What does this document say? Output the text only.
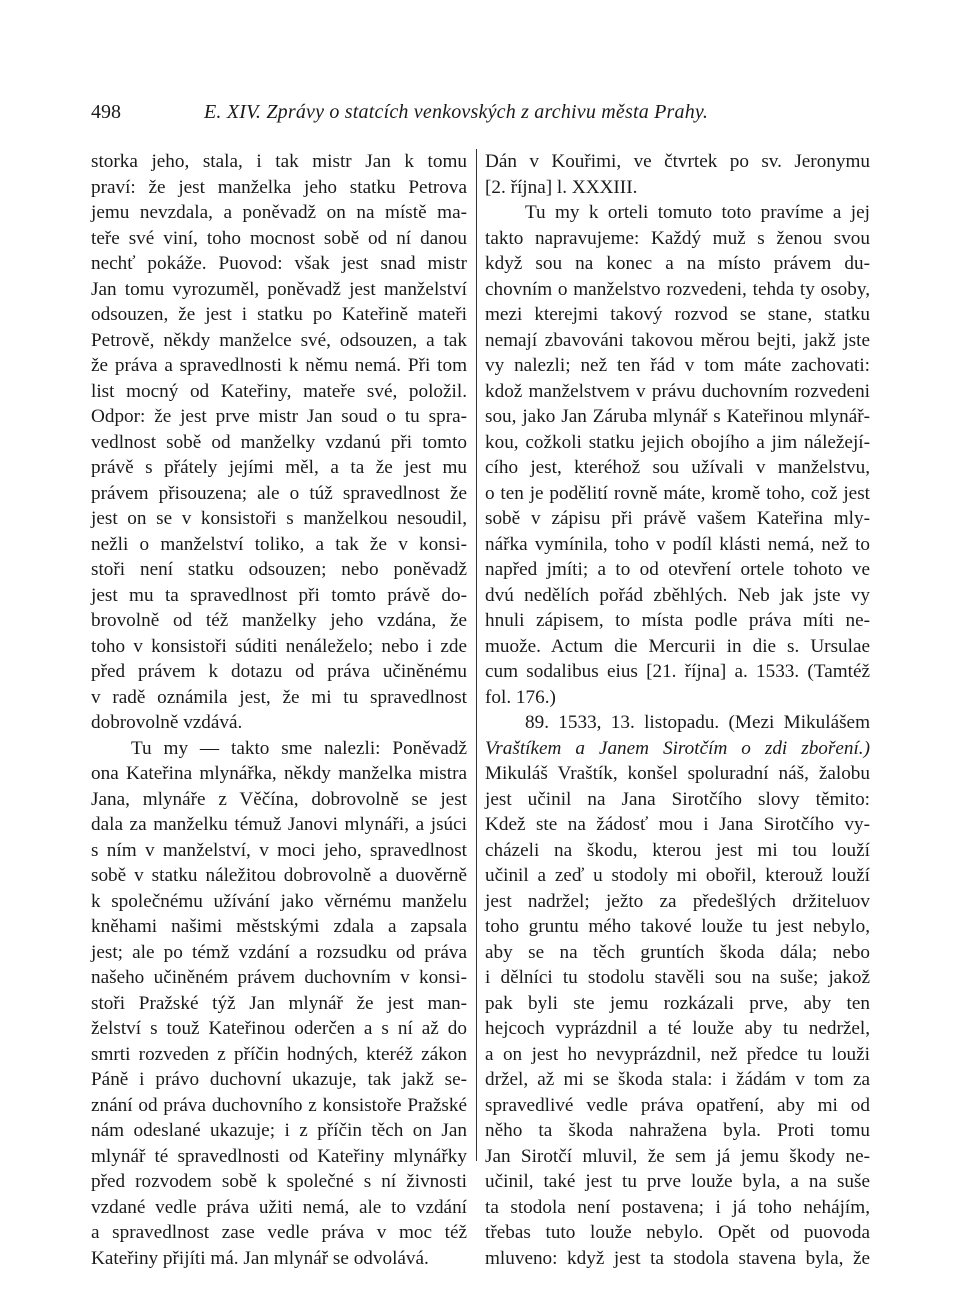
498	E. XIV. Zprávy o statcích venkovských z archivu města Prahy.
storka jeho, stala, i tak mistr Jan k tomu
praví: že jest manželka jeho statku Petrova
jemu nevzdala, a poněvadž on na místě ma-
teře své viní, toho mocnost sobě od ní danou
nechť pokáže. Puovod: však jest snad mistr
Jan tomu vyrozuměl, poněvadž jest manželství
odsouzen, že jest i statku po Kateřině mateři
Petrově, někdy manželce své, odsouzen, a tak
že práva a spravedlnosti k němu nemá. Při tom
list mocný od Kateřiny, mateře své, položil.
Odpor: že jest prve mistr Jan soud o tu spra-
vedlnost sobě od manželky vzdanú při tomto
právě s přátely jejími měl, a ta že jest mu
právem přisouzena; ale o túž spravedlnost že
jest on se v konsistoři s manželkou nesoudil,
nežli o manželství toliko, a tak že v konsi-
stoři není statku odsouzen; nebo poněvadž
jest mu ta spravedlnost při tomto právě do-
brovolně od též manželky jeho vzdána, že
toho v konsistoři súditi nenáleželo; nebo i zde
před právem k dotazu od práva učiněnému
v radě oznámila jest, že mi tu spravedlnost
dobrovolně vzdává.
Tu my — takto sme nalezli: Poněvadž
ona Kateřina mlynářka, někdy manželka mistra
Jana, mlynáře z Věčína, dobrovolně se jest
dala za manželku témuž Janovi mlynáři, a jsúci
s ním v manželství, v moci jeho, spravedlnost
sobě v statku náležitou dobrovolně a duověrně
k společnému užívání jako věrnému manželu
kněhami našimi městskými zdala a zapsala
jest; ale po témž vzdání a rozsudku od práva
našeho učiněném právem duchovním v konsi-
stoři Pražské týž Jan mlynář že jest man-
želství s touž Kateřinou oderčen a s ní až do
smrti rozveden z příčin hodných, kteréž zákon
Páně i právo duchovní ukazuje, tak jakž se-
znání od práva duchovního z konsistoře Pražské
nám odeslané ukazuje; i z příčin těch on Jan
mlynář té spravedlnosti od Kateřiny mlynářky
před rozvodem sobě k společné s ní živnosti
vzdané vedle práva užiti nemá, ale to vzdání
a spravedlnost zase vedle práva v moc též
Kateřiny přijíti má. Jan mlynář se odvolává.
Dán v Kouřimi, ve čtvrtek po sv. Jeronymu
[2. října] l. XXXIII.
Tu my k orteli tomuto toto pravíme a jej
takto napravujeme: Každý muž s ženou svou
když sou na konec a na místo právem du-
chovním o manželstvo rozvedeni, tehda ty osoby,
mezi kterejmi takový rozvod se stane, statku
nemají zbavováni takovou měrou bejti, jakž jste
vy nalezli; než ten řád v tom máte zachovati:
kdož manželstvem v právu duchovním rozvedeni
sou, jako Jan Záruba mlynář s Kateřinou mlynář-
kou, cožkoli statku jejich obojího a jim náležejí-
cího jest, kteréhož sou užívali v manželstvu,
o ten je podělití rovně máte, kromě toho, což jest
sobě v zápisu při právě vašem Kateřina mly-
nářka vymínila, toho v podíl klásti nemá, než to
napřed jmíti; a to od otevření ortele tohoto ve
dvú nedělích pořád zběhlých. Neb jak jste vy
hnuli zápisem, to místa podle práva míti ne-
muože. Actum die Mercurii in die s. Ursulae
cum sodalibus eius [21. října] a. 1533. (Tamtéž
fol. 176.)
89. 1533, 13. listopadu. (Mezi Mikulášem
Vraštíkem a Janem Sirotčím o zdi zboření.)
Mikuláš Vraštík, konšel spoluradní náš, žalobu
jest učinil na Jana Sirotčího slovy těmito:
Kdež ste na žádosť mou i Jana Sirotčího vy-
cházeli na škodu, kterou jest mi tou louží
učinil a zeď u stodoly mi obořil, kterouž louží
jest nadržel; ježto za předešlých držiteluov
toho gruntu mého takové louže tu jest nebylo,
aby se na těch gruntích škoda dála; nebo
i dělníci tu stodolu stavěli sou na suše; jakož
pak byli ste jemu rozkázali prve, aby ten
hejcoch vyprázdnil a té louže aby tu nedržel,
a on jest ho nevyprázdnil, než předce tu louži
držel, až mi se škoda stala: i žádám v tom za
spravedlivé vedle práva opatření, aby mi od
něho ta škoda nahražena byla. Proti tomu
Jan Sirotčí mluvil, že sem já jemu škody ne-
učinil, také jest tu prve louže byla, a na suše
ta stodola není postavena; i já toho nehájím,
třebas tuto louže nebylo. Opět od puovoda
mluveno: když jest ta stodola stavena byla, že
